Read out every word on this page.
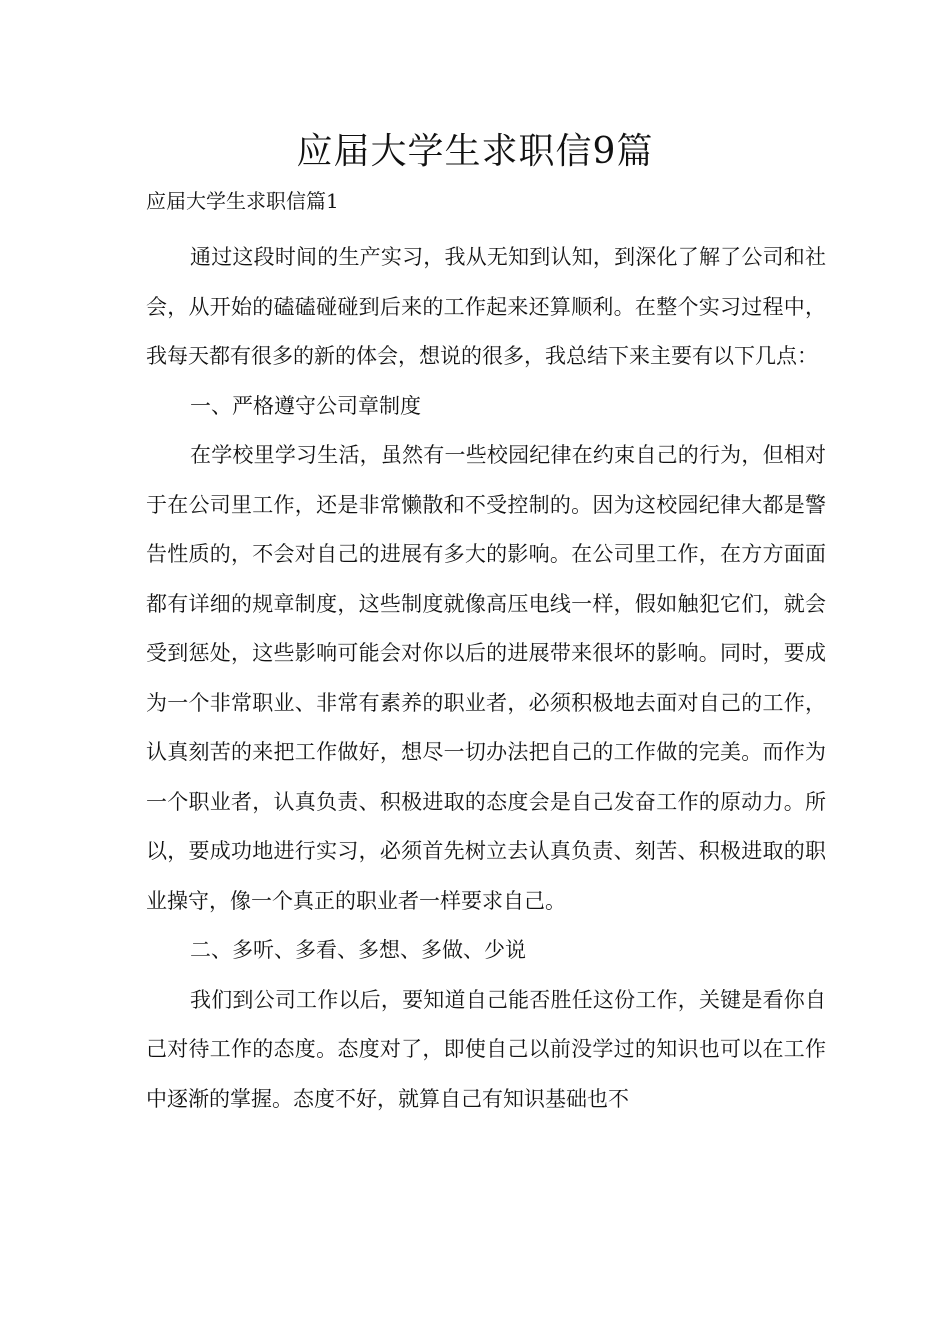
应届大学生求职信9篇

应届大学生求职信篇1

通过这段时间的生产实习，我从无知到认知，到深化了解了公司和社会，从开始的磕磕碰碰到后来的工作起来还算顺利。在整个实习过程中，我每天都有很多的新的体会，想说的很多，我总结下来主要有以下几点：

一、严格遵守公司章制度

在学校里学习生活，虽然有一些校园纪律在约束自己的行为，但相对于在公司里工作，还是非常懒散和不受控制的。因为这校园纪律大都是警告性质的，不会对自己的进展有多大的影响。在公司里工作，在方方面面都有详细的规章制度，这些制度就像高压电线一样，假如触犯它们，就会受到惩处，这些影响可能会对你以后的进展带来很坏的影响。同时，要成为一个非常职业、非常有素养的职业者，必须积极地去面对自己的工作，认真刻苦的来把工作做好，想尽一切办法把自己的工作做的完美。而作为一个职业者，认真负责、积极进取的态度会是自己发奋工作的原动力。所以，要成功地进行实习，必须首先树立去认真负责、刻苦、积极进取的职业操守，像一个真正的职业者一样要求自己。

二、多听、多看、多想、多做、少说

我们到公司工作以后，要知道自己能否胜任这份工作，关键是看你自己对待工作的态度。态度对了，即使自己以前没学过的知识也可以在工作中逐渐的掌握。态度不好，就算自己有知识基础也不
